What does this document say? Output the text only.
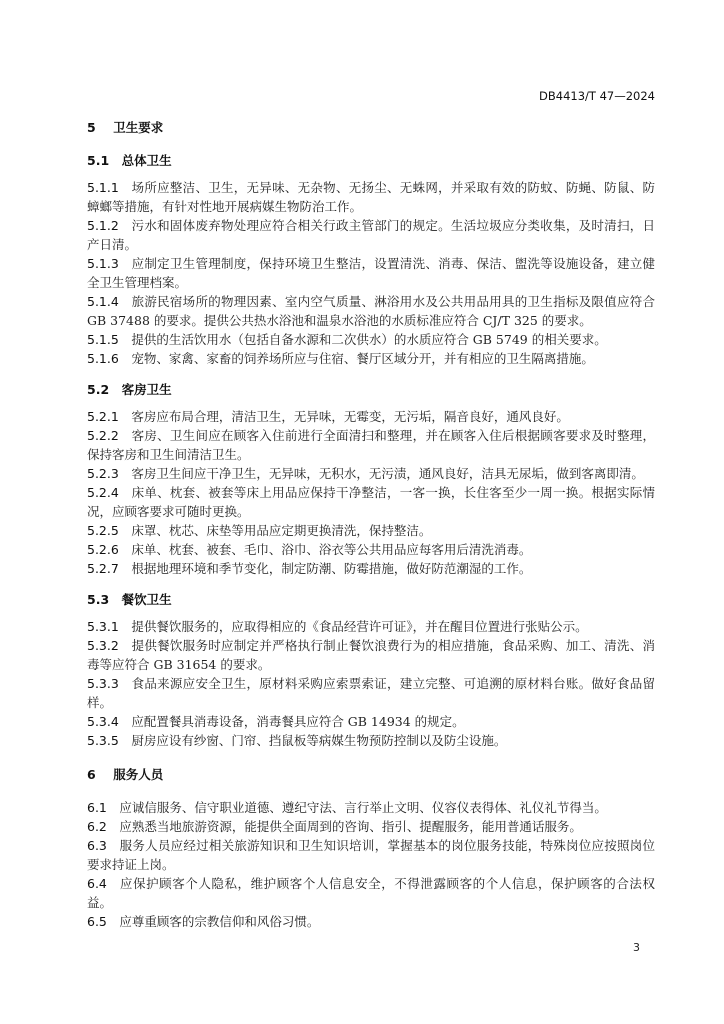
DB4413/T 47—2024
5 卫生要求
5.1 总体卫生

5.1.1 场所应整洁、卫生，无异味、无杂物、无扬尘、无蛛网，并采取有效的防蚊、防蝇、防鼠、防蟑螂等措施，有针对性地开展病媒生物防治工作。

5.1.2 污水和固体废弃物处理应符合相关行政主管部门的规定。生活垃圾应分类收集，及时清扫，日产日清。

5.1.3 应制定卫生管理制度，保持环境卫生整洁，设置清洗、消毒、保洁、盥洗等设施设备，建立健全卫生管理档案。

5.1.4 旅游民宿场所的物理因素、室内空气质量、淋浴用水及公共用品用具的卫生指标及限值应符合 GB 37488 的要求。提供公共热水浴池和温泉水浴池的水质标准应符合 CJ/T 325 的要求。

5.1.5 提供的生活饮用水（包括自备水源和二次供水）的水质应符合 GB 5749 的相关要求。

5.1.6 宠物、家禽、家畜的饲养场所应与住宿、餐厅区域分开，并有相应的卫生隔离措施。

5.2 客房卫生

5.2.1 客房应布局合理，清洁卫生，无异味，无霉变，无污垢，隔音良好，通风良好。

5.2.2 客房、卫生间应在顾客入住前进行全面清扫和整理，并在顾客入住后根据顾客要求及时整理，保持客房和卫生间清洁卫生。

5.2.3 客房卫生间应干净卫生，无异味，无积水，无污渍，通风良好，洁具无尿垢，做到客离即清。

5.2.4 床单、枕套、被套等床上用品应保持干净整洁，一客一换，长住客至少一周一换。根据实际情况，应顾客要求可随时更换。

5.2.5 床罩、枕芯、床垫等用品应定期更换清洗，保持整洁。

5.2.6 床单、枕套、被套、毛巾、浴巾、浴衣等公共用品应每客用后清洗消毒。

5.2.7 根据地理环境和季节变化，制定防潮、防霉措施，做好防范潮湿的工作。

5.3 餐饮卫生

5.3.1 提供餐饮服务的，应取得相应的《食品经营许可证》，并在醒目位置进行张贴公示。

5.3.2 提供餐饮服务时应制定并严格执行制止餐饮浪费行为的相应措施，食品采购、加工、清洗、消毒等应符合 GB 31654 的要求。

5.3.3 食品来源应安全卫生，原材料采购应索票索证，建立完整、可追溯的原材料台账。做好食品留样。

5.3.4 应配置餐具消毒设备，消毒餐具应符合 GB 14934 的规定。

5.3.5 厨房应设有纱窗、门帘、挡鼠板等病媒生物预防控制以及防尘设施。

6 服务人员

6.1 应诚信服务、信守职业道德、遵纪守法、言行举止文明、仪容仪表得体、礼仪礼节得当。

6.2 应熟悉当地旅游资源，能提供全面周到的咨询、指引、提醒服务，能用普通话服务。

6.3 服务人员应经过相关旅游知识和卫生知识培训，掌握基本的岗位服务技能，特殊岗位应按照岗位要求持证上岗。

6.4 应保护顾客个人隐私，维护顾客个人信息安全，不得泄露顾客的个人信息，保护顾客的合法权益。

6.5 应尊重顾客的宗教信仰和风俗习惯。

3
